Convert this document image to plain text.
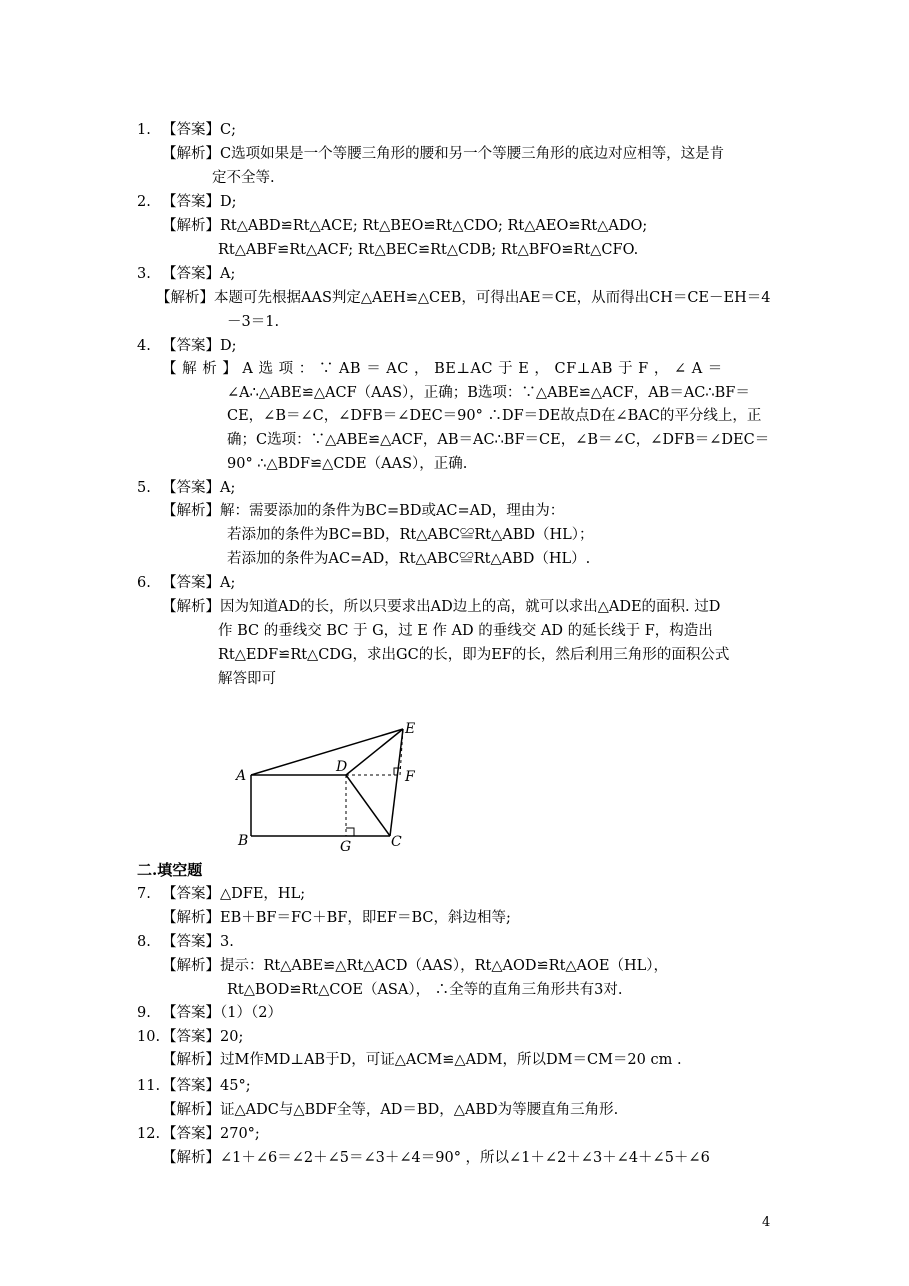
1. 【答案】C;
【解析】C选项如果是一个等腰三角形的腰和另一个等腰三角形的底边对应相等，这是肯
定不全等.
2. 【答案】D;
【解析】Rt△ABD≌Rt△ACE; Rt△BEO≌Rt△CDO; Rt△AEO≌Rt△ADO;
Rt△ABF≌Rt△ACF; Rt△BEC≌Rt△CDB; Rt△BFO≌Rt△CFO.
3. 【答案】A;
【解析】本题可先根据AAS判定△AEH≌△CEB，可得出AE＝CE，从而得出CH＝CE－EH＝4
－3＝1.
4. 【答案】D;
【 解 析 】 A 选 项 ： ∵ AB ＝ AC ， BE⊥AC 于 E ， CF⊥AB 于 F ， ∠ A ＝
∠A∴△ABE≌△ACF（AAS），正确；B选项：∵△ABE≌△ACF，AB＝AC∴BF＝
CE，∠B＝∠C，∠DFB＝∠DEC＝90° ∴DF＝DE故点D在∠BAC的平分线上，正
确；C选项：∵△ABE≌△ACF，AB＝AC∴BF＝CE，∠B＝∠C，∠DFB＝∠DEC＝
90° ∴△BDF≌△CDE（AAS），正确.
5. 【答案】A;
【解析】解：需要添加的条件为BC=BD或AC=AD，理由为：
若添加的条件为BC=BD，Rt△ABC≌Rt△ABD（HL）；
若添加的条件为AC=AD，Rt△ABC≌Rt△ABD（HL）.
6. 【答案】A;
【解析】因为知道AD的长，所以只要求出AD边上的高，就可以求出△ADE的面积. 过D
作 BC 的垂线交 BC 于 G，过 E 作 AD 的垂线交 AD 的延长线于 F，构造出
Rt△EDF≌Rt△CDG，求出GC的长，即为EF的长，然后利用三角形的面积公式
解答即可
A
B	C
D
E
F
G
二.填空题
7. 【答案】△DFE，HL;
【解析】EB＋BF＝FC＋BF，即EF＝BC，斜边相等;
8. 【答案】3.
【解析】提示：Rt△ABE≌△Rt△ACD（AAS），Rt△AOD≌Rt△AOE（HL），
Rt△BOD≌Rt△COE（ASA）， ∴全等的直角三角形共有3对.
9. 【答案】（1）（2）
10. 【答案】20;
【解析】过M作MD⊥AB于D，可证△ACM≌△ADM，所以DM＝CM＝20 cm .
11. 【答案】45°;
【解析】证△ADC与△BDF全等，AD＝BD，△ABD为等腰直角三角形.
12. 【答案】270°;
【解析】∠1＋∠6＝∠2＋∠5＝∠3＋∠4＝90° ，所以∠1＋∠2＋∠3＋∠4＋∠5＋∠6
4
